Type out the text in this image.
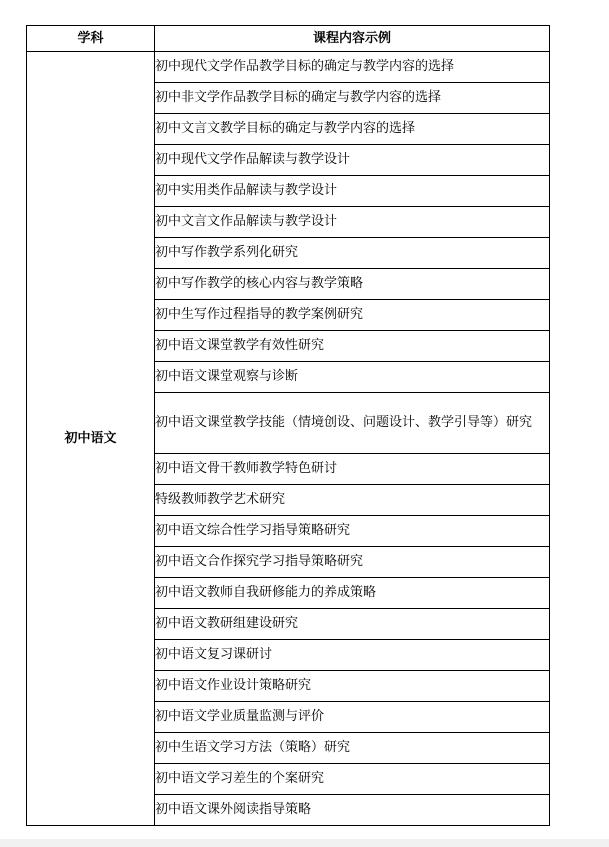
学科	课程内容示例
初中语文	初中现代文学作品教学目标的确定与教学内容的选择
	初中非文学作品教学目标的确定与教学内容的选择
	初中文言文教学目标的确定与教学内容的选择
	初中现代文学作品解读与教学设计
	初中实用类作品解读与教学设计
	初中文言文作品解读与教学设计
	初中写作教学系列化研究
	初中写作教学的核心内容与教学策略
	初中生写作过程指导的教学案例研究
	初中语文课堂教学有效性研究
	初中语文课堂观察与诊断
	初中语文课堂教学技能（情境创设、问题设计、教学引导等）研究
	初中语文骨干教师教学特色研讨
	特级教师教学艺术研究
	初中语文综合性学习指导策略研究
	初中语文合作探究学习指导策略研究
	初中语文教师自我研修能力的养成策略
	初中语文教研组建设研究
	初中语文复习课研讨
	初中语文作业设计策略研究
	初中语文学业质量监测与评价
	初中生语文学习方法（策略）研究
	初中语文学习差生的个案研究
	初中语文课外阅读指导策略
